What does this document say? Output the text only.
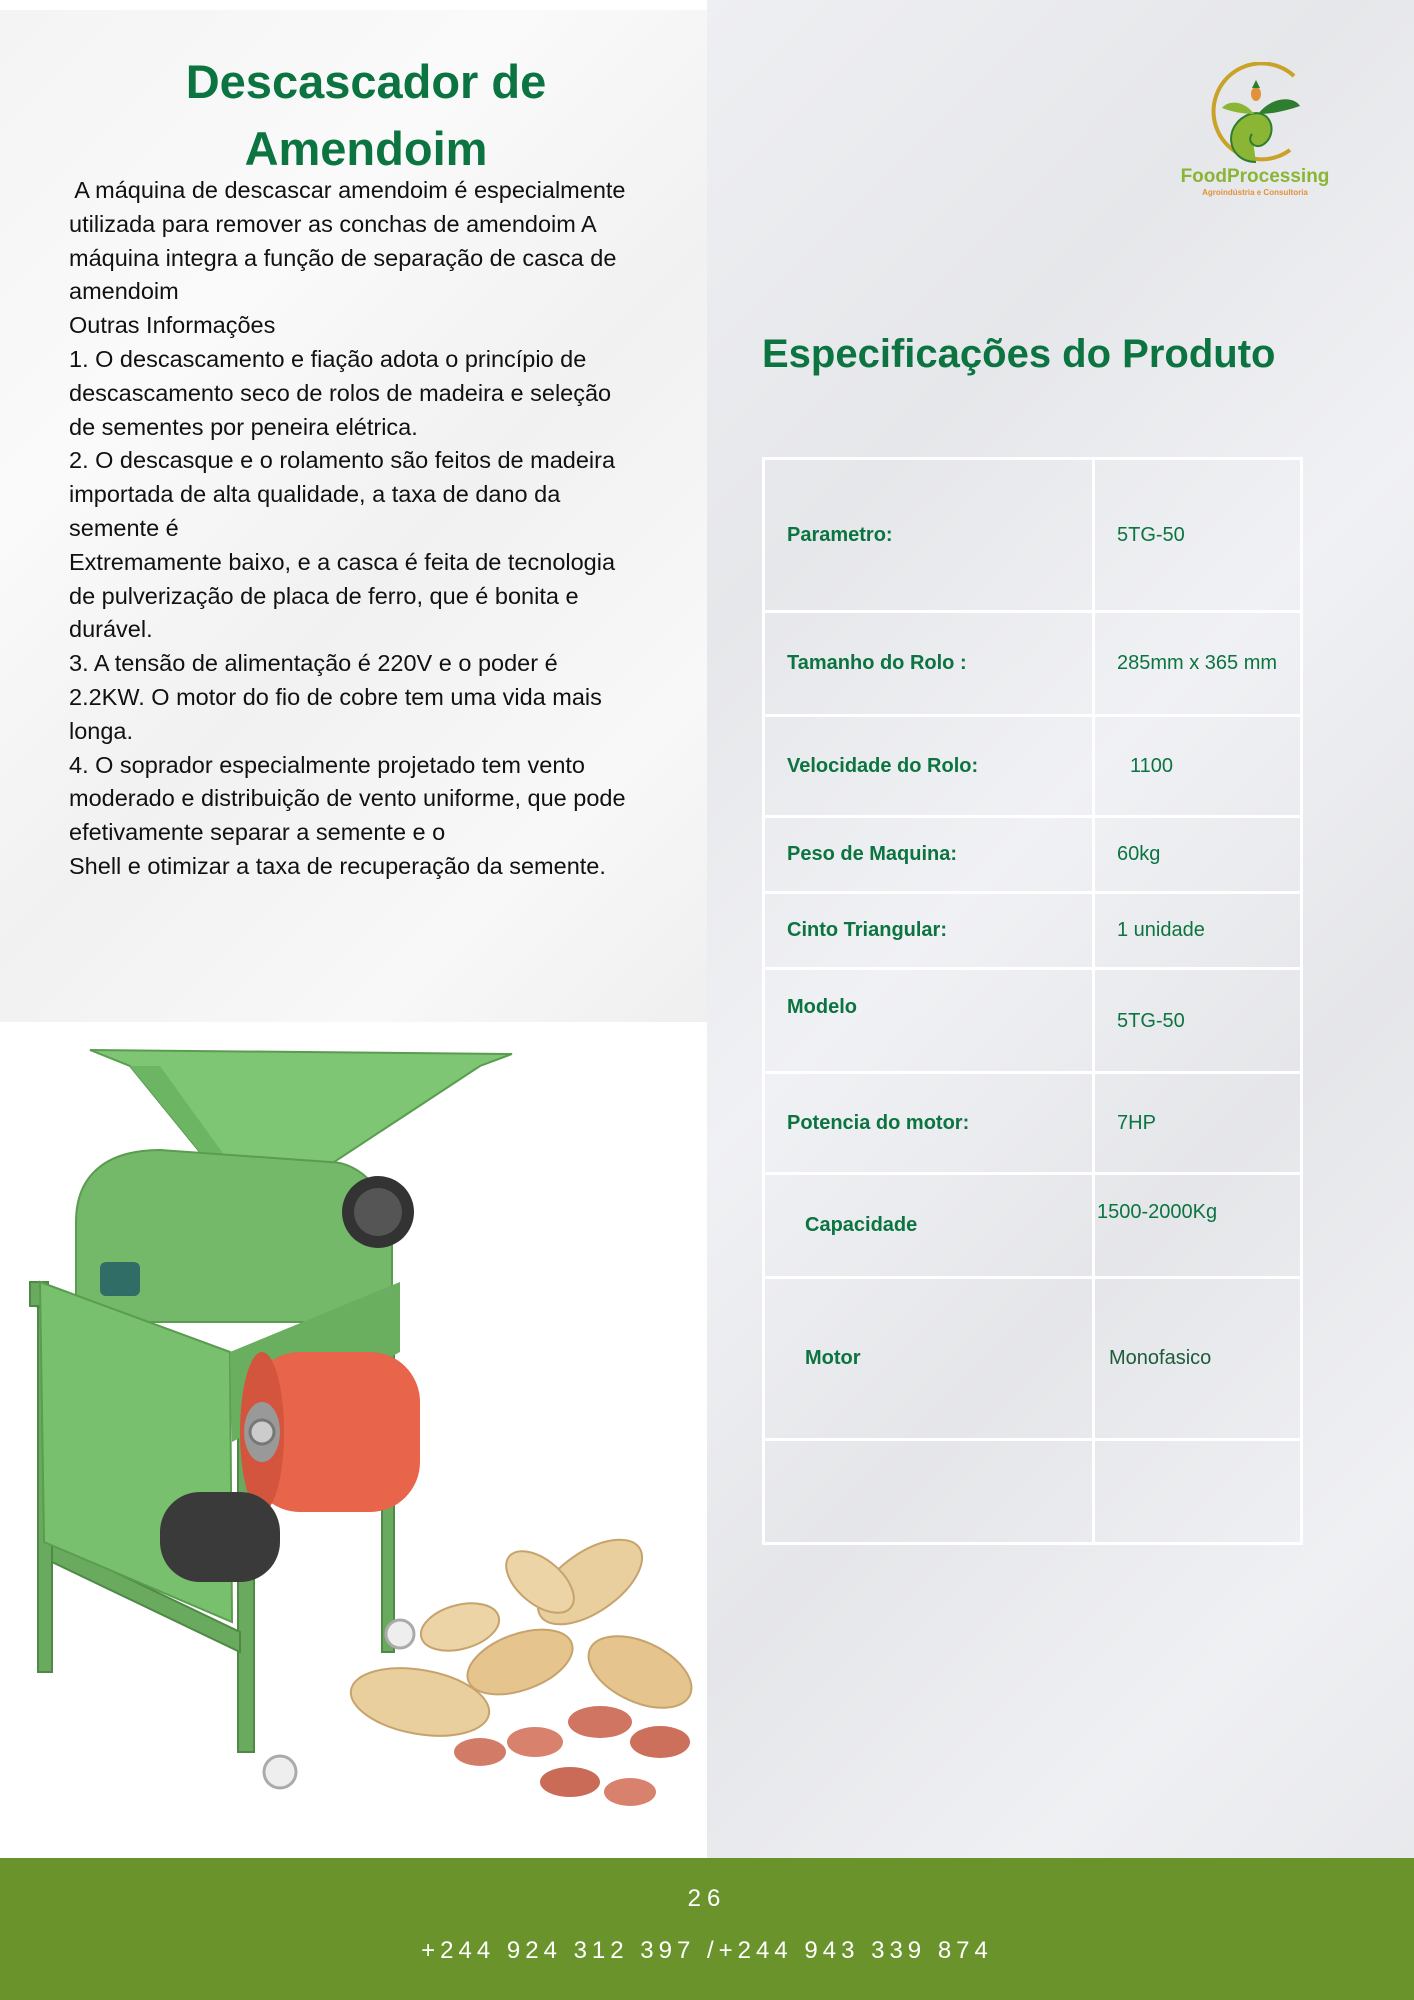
Descascador de
Amendoim

A máquina de descascar amendoim é especialmente

utilizada para remover as conchas de amendoim A

máquina integra a função de separação de casca de

amendoim

Outras Informações

1. O descascamento e fiação adota o princípio de

descascamento seco de rolos de madeira e seleção

de sementes por peneira elétrica.

2. O descasque e o rolamento são feitos de madeira

importada de alta qualidade, a taxa de dano da

semente é

Extremamente baixo, e a casca é feita de tecnologia

de pulverização de placa de ferro, que é bonita e

durável.

3. A tensão de alimentação é 220V e o poder é

2.2KW. O motor do fio de cobre tem uma vida mais

longa.

4. O soprador especialmente projetado tem vento

moderado e distribuição de vento uniforme, que pode

efetivamente separar a semente e o

Shell e otimizar a taxa de recuperação da semente.

FoodProcessing
Agroindústria e Consultoria
Especificações do Produto
Parametro:	5TG-50
Tamanho do Rolo :	285mm x 365 mm
Velocidade do Rolo:	1100
Peso de Maquina:	60kg
Cinto Triangular:	1 unidade
Modelo	5TG-50
Potencia do motor:	7HP
Capacidade	1500-2000Kg
Motor	Monofasico

26
+244 924 312 397 /+244 943 339 874
